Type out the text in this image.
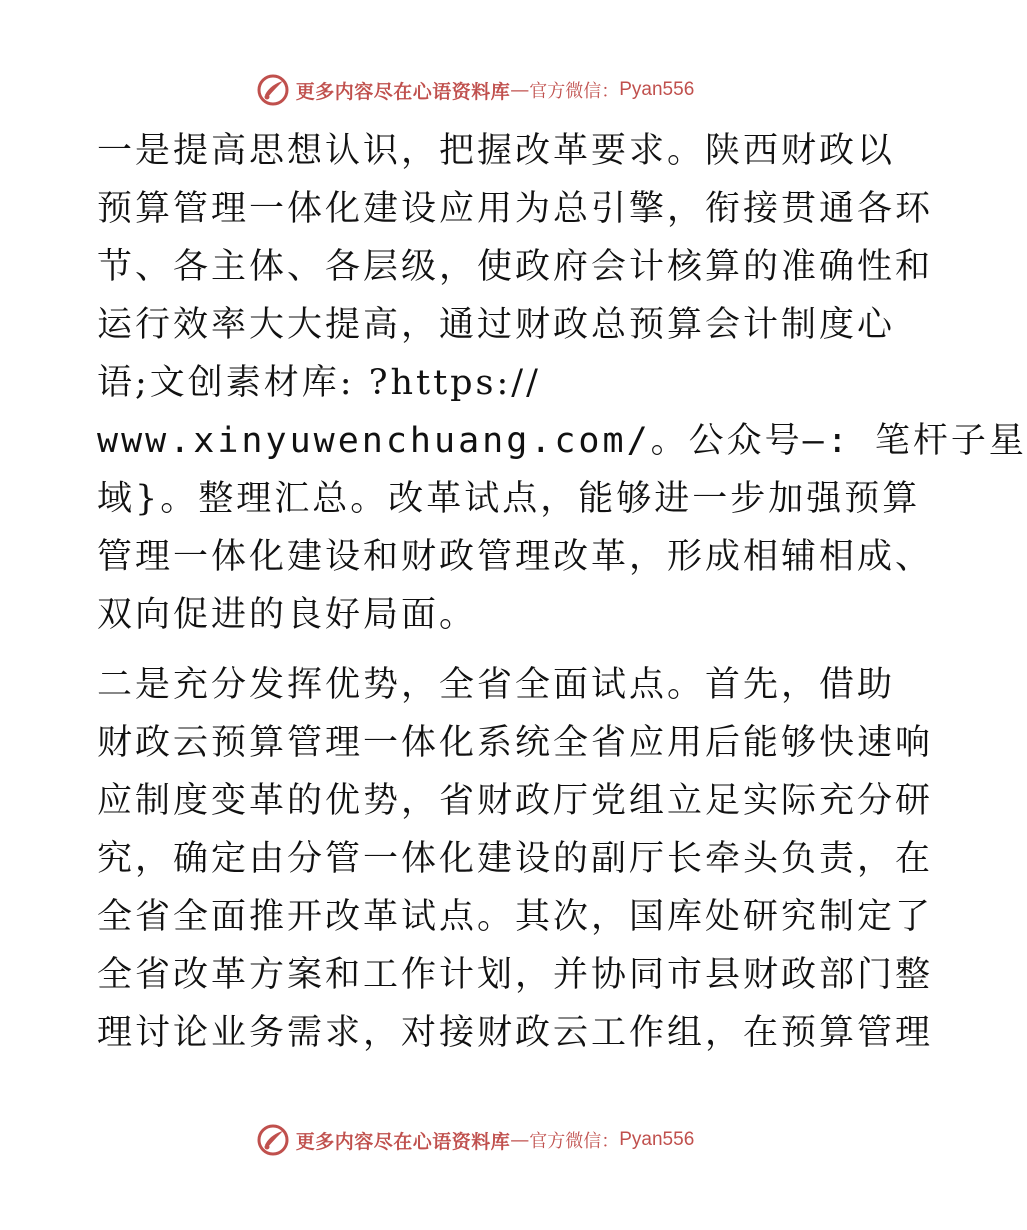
更多内容尽在心语资料库 — 官方微信： Pyan556
一是提高思想认识，把握改革要求。陕西财政以
预算管理一体化建设应用为总引擎，衔接贯通各环
节、各主体、各层级，使政府会计核算的准确性和
运行效率大大提高，通过财政总预算会计制度心
语;文创素材库: ?https://
www.xinyuwenchuang.com/。公众号—: 笔杆子星
域}。整理汇总。改革试点，能够进一步加强预算
管理一体化建设和财政管理改革，形成相辅相成、
双向促进的良好局面。
二是充分发挥优势，全省全面试点。首先，借助
财政云预算管理一体化系统全省应用后能够快速响
应制度变革的优势，省财政厅党组立足实际充分研
究，确定由分管一体化建设的副厅长牵头负责，在
全省全面推开改革试点。其次，国库处研究制定了
全省改革方案和工作计划，并协同市县财政部门整
理讨论业务需求，对接财政云工作组，在预算管理
更多内容尽在心语资料库 — 官方微信： Pyan556
